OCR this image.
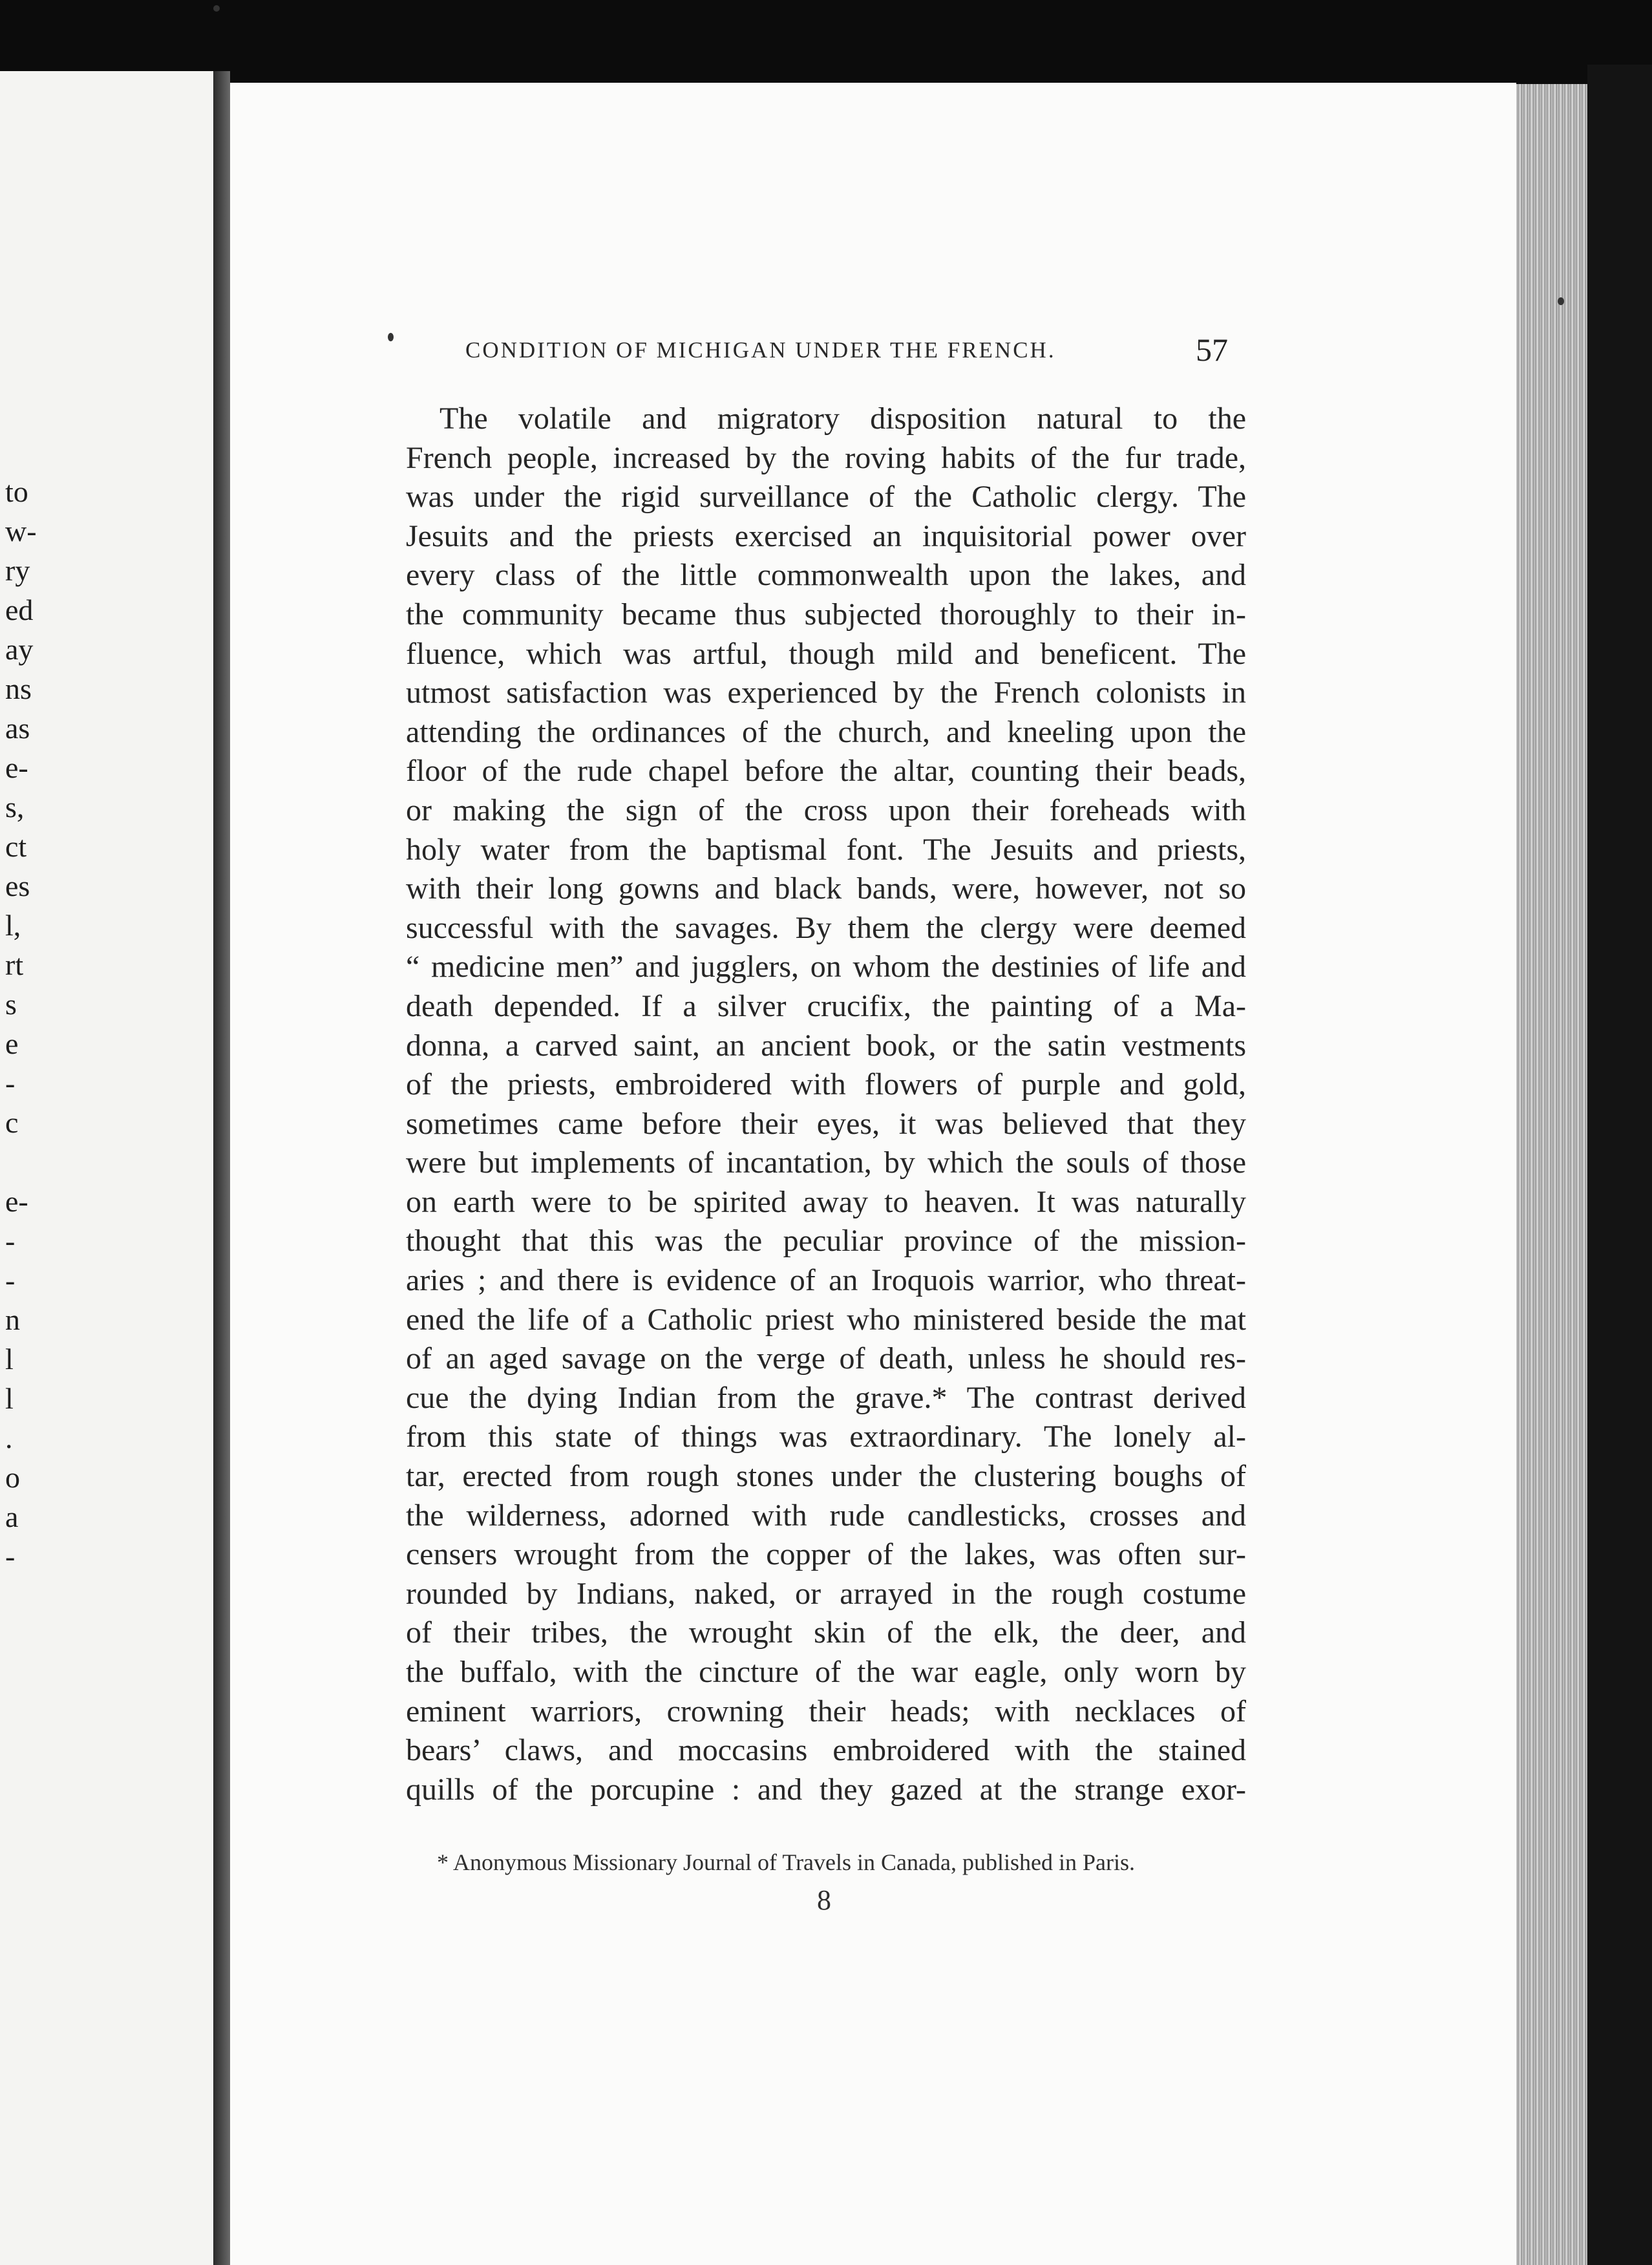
to
w-
ry
ed
ay
ns
as
e-
s,
ct
es
l,
rt
s
e
-
c
e-
-
-
n
l
l
.
o
a
-
CONDITION OF MICHIGAN UNDER THE FRENCH.	57
The volatile and migratory disposition natural to the
French people, increased by the roving habits of the fur trade,
was under the rigid surveillance of the Catholic clergy. The
Jesuits and the priests exercised an inquisitorial power over
every class of the little commonwealth upon the lakes, and
the community became thus subjected thoroughly to their in-
fluence, which was artful, though mild and beneficent. The
utmost satisfaction was experienced by the French colonists in
attending the ordinances of the church, and kneeling upon the
floor of the rude chapel before the altar, counting their beads,
or making the sign of the cross upon their foreheads with
holy water from the baptismal font. The Jesuits and priests,
with their long gowns and black bands, were, however, not so
successful with the savages. By them the clergy were deemed
“ medicine men” and jugglers, on whom the destinies of life and
death depended. If a silver crucifix, the painting of a Ma-
donna, a carved saint, an ancient book, or the satin vestments
of the priests, embroidered with flowers of purple and gold,
sometimes came before their eyes, it was believed that they
were but implements of incantation, by which the souls of those
on earth were to be spirited away to heaven. It was naturally
thought that this was the peculiar province of the mission-
aries ; and there is evidence of an Iroquois warrior, who threat-
ened the life of a Catholic priest who ministered beside the mat
of an aged savage on the verge of death, unless he should res-
cue the dying Indian from the grave.* The contrast derived
from this state of things was extraordinary. The lonely al-
tar, erected from rough stones under the clustering boughs of
the wilderness, adorned with rude candlesticks, crosses and
censers wrought from the copper of the lakes, was often sur-
rounded by Indians, naked, or arrayed in the rough costume
of their tribes, the wrought skin of the elk, the deer, and
the buffalo, with the cincture of the war eagle, only worn by
eminent warriors, crowning their heads; with necklaces of
bears’ claws, and moccasins embroidered with the stained
quills of the porcupine : and they gazed at the strange exor-
* Anonymous Missionary Journal of Travels in Canada, published in Paris.
8
